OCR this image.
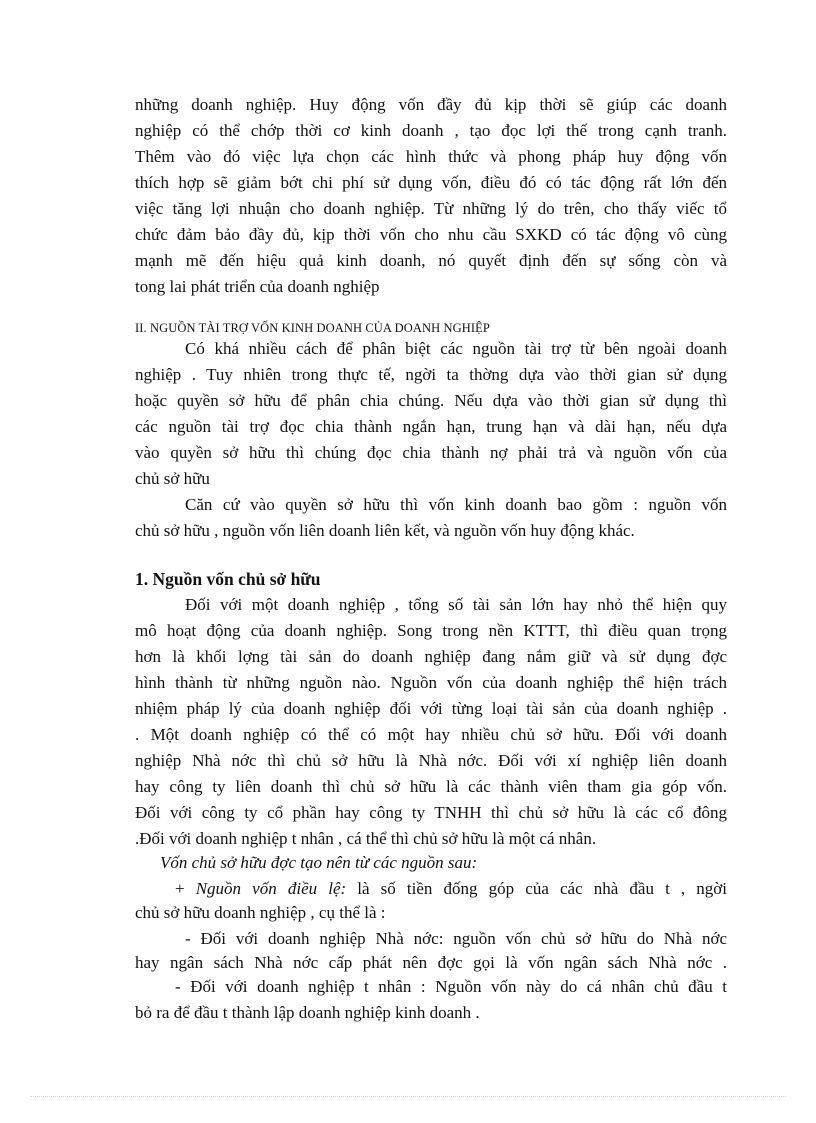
những doanh nghiệp. Huy động vốn đầy đủ kịp thời sẽ giúp các doanh
nghiệp có thể chớp thời cơ kinh doanh , tạo đọc lợi thế trong cạnh tranh.
Thêm vào đó việc lựa chọn các hình thức và phong pháp huy động vốn
thích hợp sẽ giảm bớt chi phí sử dụng vốn, điều đó có tác động rất lớn đến
việc tăng lợi nhuận cho doanh nghiệp. Từ những lý do trên, cho thấy viếc tổ
chức đảm bảo đầy đủ, kịp thời vốn cho nhu cầu SXKD có tác động vô cùng
mạnh mẽ đến hiệu quả kinh doanh, nó quyết định đến sự sống còn và
tong lai phát triển của doanh nghiệp
II. NGUỒN TÀI TRỢ VỐN KINH DOANH CỦA DOANH NGHIỆP
Có khá nhiều cách để phân biệt các nguồn tài trợ từ bên ngoài doanh
nghiệp . Tuy nhiên trong thực tế, ngời ta thờng dựa vào thời gian sử dụng
hoặc quyền sở hữu để phân chia chúng. Nếu dựa vào thời gian sử dụng thì
các nguồn tài trợ đọc chia thành ngắn hạn, trung hạn và dài hạn, nếu dựa
vào quyền sở hữu thì chúng đọc chia thành nợ phải trả và nguồn vốn của
chủ sở hữu
Căn cứ vào quyền sở hữu thì vốn kinh doanh bao gồm : nguồn vốn
chủ sở hữu , nguồn vốn liên doanh liên kết, và nguồn vốn huy động khác.
1. Nguồn vốn chủ sở hữu
Đối với một doanh nghiệp , tổng số tài sản lớn hay nhỏ thể hiện quy
mô hoạt động của doanh nghiệp. Song trong nền KTTT, thì điều quan trọng
hơn là khối lợng tài sản do doanh nghiệp đang nắm giữ và sử dụng đợc
hình thành từ những nguồn nào. Nguồn vốn của doanh nghiệp thể hiện trách
nhiệm pháp lý của doanh nghiệp đối với từng loại tài sản của doanh nghiệp .
. Một doanh nghiệp có thể có một hay nhiều chủ sở hữu. Đối với doanh
nghiệp Nhà nớc thì chủ sở hữu là Nhà nớc. Đối với xí nghiệp liên doanh
hay công ty liên doanh thì chủ sở hữu là các thành viên tham gia góp vốn.
Đối với công ty cổ phần hay công ty TNHH thì chủ sở hữu là các cổ đông
.Đối với doanh nghiệp t nhân , cá thể thì chủ sở hữu là một cá nhân.
Vốn chủ sở hữu đợc tạo nên từ các nguồn sau:
+ Nguồn vốn điều lệ: là số tiền đống góp của các nhà đầu t , ngời
chủ sở hữu doanh nghiệp , cụ thể là :
- Đối với doanh nghiệp Nhà nớc: nguồn vốn chủ sở hữu do Nhà nớc
hay ngân sách Nhà nớc cấp phát nên đợc gọi là vốn ngân sách Nhà nớc .
- Đối với doanh nghiệp t nhân : Nguồn vốn này do cá nhân chủ đầu t
bỏ ra để đầu t thành lập doanh nghiệp kinh doanh .
